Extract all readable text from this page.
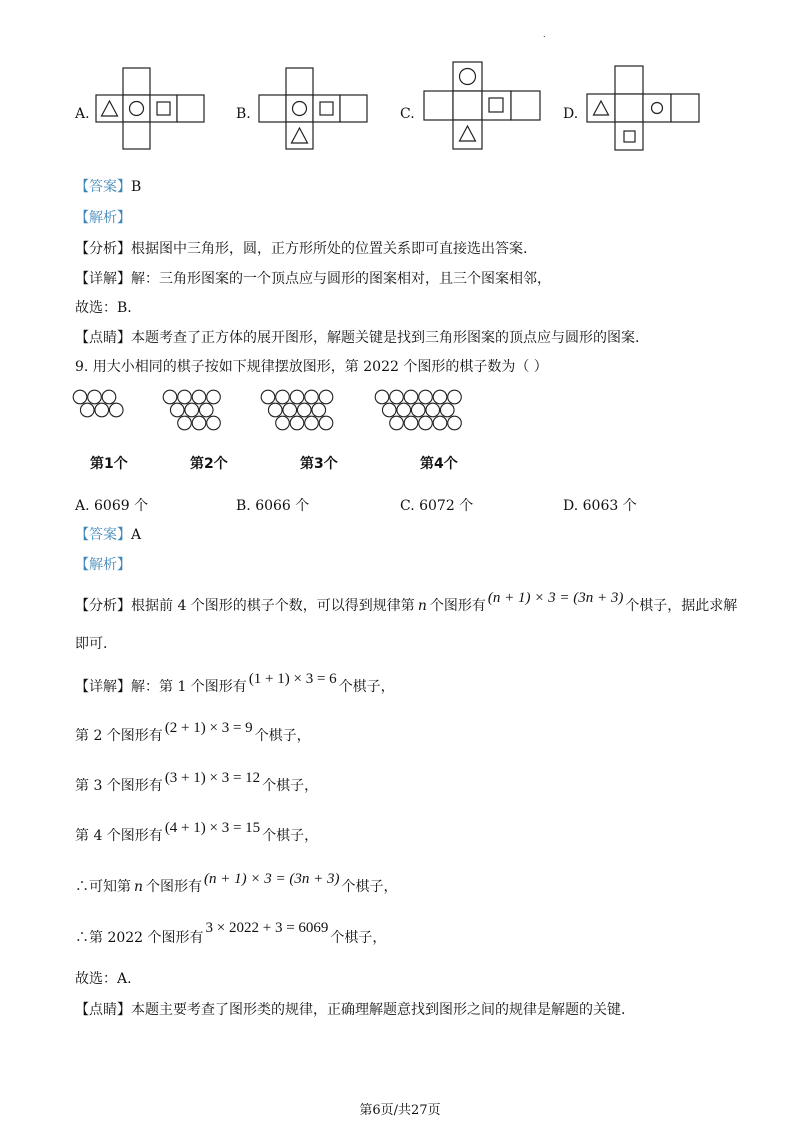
.
A.	B.	C.	D.
【答案】B
【解析】
【分析】根据图中三角形，圆，正方形所处的位置关系即可直接选出答案.
【详解】解：三角形图案的一个顶点应与圆形的图案相对，且三个图案相邻，
故选：B.
【点睛】本题考查了正方体的展开图形，解题关键是找到三角形图案的顶点应与圆形的图案.
9. 用大小相同的棋子按如下规律摆放图形，第 2022 个图形的棋子数为（ ）
第1个	第2个	第3个	第4个
A. 6069 个	B. 6066 个	C. 6072 个	D. 6063 个
【答案】A
【解析】
【分析】根据前 4 个图形的棋子个数，可以得到规律第 n 个图形有 (n + 1) × 3 = (3n + 3) 个棋子，据此求解
即可.
【详解】解：第 1 个图形有 (1 + 1) × 3 = 6 个棋子，
第 2 个图形有 (2 + 1) × 3 = 9 个棋子，
第 3 个图形有 (3 + 1) × 3 = 12 个棋子，
第 4 个图形有 (4 + 1) × 3 = 15 个棋子，
∴可知第 n 个图形有 (n + 1) × 3 = (3n + 3) 个棋子，
∴第 2022 个图形有3 × 2022 + 3 = 6069个棋子，
故选：A.
【点睛】本题主要考查了图形类的规律，正确理解题意找到图形之间的规律是解题的关键.
第6页/共27页
